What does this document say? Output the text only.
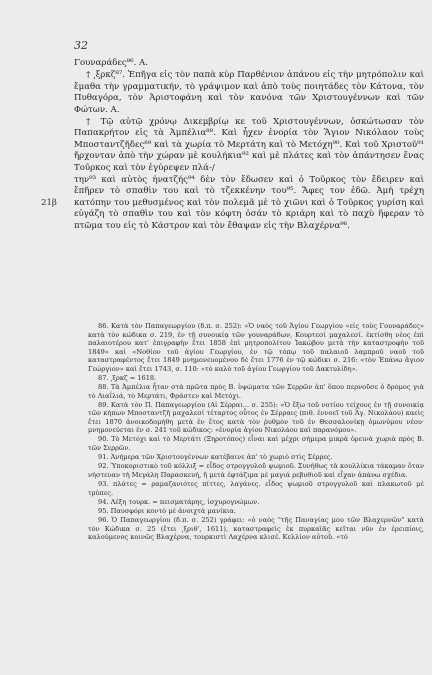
32

Γουναράδες⁸⁶. Α.

† ͵ξρκζ⁸⁷. Ἐπῆγα εἰς τὸν παπὰ κὺρ Παρθένιον ἀπάνου εἰς τὴν μητρόπολιν καὶ ἔμαθα τὴν γραμματικήν, τὸ γράψιμον καὶ ἀπὸ τοὺς ποιητάδες τὸν Κάτονα, τὸν Πυθαγόρα, τὸν Ἀριστοφάνη καὶ τὸν κανόνα τῶν Χριστουγέννων καὶ τῶν Φώτων. Α.

† Τῷ αὐτῷ χρόνῳ Δικεμβρίῳ κε τοῦ Χριστουγέννων, ὀσκώτωσαν τὸν Παπακρήτον εἰς τὰ Ἀμπέλια⁸⁸. Καὶ ἦχεν ἐνορία τὸν Ἅγιον Νικόλαον τοὺς Μποσταντζῆδες⁸⁹ καὶ τὰ χωρία τὸ Μερτάτη καὶ τὸ Μετόχη⁹⁰. Καὶ τοῦ Χριστοῦ⁹¹ ἤρχονταν ἀπὸ τὴν χώραν μὲ κουλήκια⁹² καὶ μὲ πλάτες καὶ τὸν ἀπάντησεν ἕνας Τοῦρκος καὶ τὸν ἐγύρεψεν πλά-/

την⁹³ καὶ αὐτὸς ἠνατζής⁹⁴ δὲν τὸν ἔδωσεν καὶ ὁ Τοῦρκος τὸν ἔδειρεν καὶ ἔπῆρεν τὸ σπαθὶν του καὶ τὸ τζεκκένην του⁹⁵. Ἄφες τον ἐδῶ. Ἀμὴ τρέχη κατόπην του μεθυσμένος καὶ τὸν πολεμᾶ μὲ τὸ χιῶνι καὶ ὁ Τοῦρκος γυρίση καὶ εὐγάζη τὸ σπαθὶν του καὶ τὸν κόφτη ὀσάν τὸ κριάρη καὶ τὸ παχὺ ἥφεραν τὸ πτῶμα του εἰς τὸ Κάστρον καὶ τὸν ἔθαψαν εἰς τὴν Βλαχέρνα⁹⁶.

21β

86. Κατὰ τὸν Παπαγεωργίου (δ.π. σ. 252): «Ὁ ναὸς τοῦ Ἁγίου Γεωργίου «εἰς τοὺς Γουναράδες» κατὰ τὸν κώδικα σ. 219, ἐν τῇ συνοικίᾳ τῶν γουναράδων, Κουρτεσί μαχαλεσί. ἐκτίσθη νέος ἐπὶ παλαιοτέρου κατ' ἐπιγραφὴν ἔτει 1858 ἐπὶ μητροπολίτου Ἰακώβου μετὰ τὴν καταστροφὴν τοῦ 1849» καὶ «Νοθίον τοῦ ἁγίου Γεωργίου, ἐν τῷ τόπῳ τοῦ παλαιοῦ λαμπροῦ ναοῦ τοῦ καταστραφέντος ἔτει 1849 μνημονευομένου δὲ ἔτει 1776 ἐν τῷ κώδικι σ. 216: «τὸν Ἐπάνω ἅγιον Γεώργιον» καὶ ἔτει 1743, σ. 110: «τὸ καλὸ τοῦ ἁγίου Γεωργίου τοῦ Δακτυλίδη».

87. ͵ξρκζ = 1618.

88. Τὰ Ἀμπέλια ἦταν στὰ πρῶτα πρὸς Β. ὑψώματα τῶν Σερρῶν ἀπ' ὅπου περνοῦσε ὁ δρόμος γιὰ τὸ Λιαΐλιά, τὸ Μερτάτι, Φράστεν καὶ Μετόχι.

89. Κατὰ τὸν Π. Παπαγεωργίου (Αἱ Σέρραι... σ. 255): «Ὁ ἔξω τοῦ νοτίου τείχους ἐν τῇ συνοικίᾳ τῶν κήπων Μποσταντζῆ μαχαλεσί τέταρτος οὗτος ἐν Σέρραις (πιθ. ἐννοεῖ τοῦ Ἁγ. Νικολάου) καεὶς ἔτει 1870 ἀνοικοδομήθη μετὰ ἐν ἔτος κατὰ τὸν ῥυθμὸν τοῦ ἐν Θεσσαλονίκῃ ὁμωνύμου νέου· μνημονεύεται ἐν σ. 241 τοῦ κώδικος: «ἐνορία ἁγίου Νικολάου καὶ παρανόμου».

90. Τὸ Μετόχι καὶ τὸ Μερτάτι (Ξηροτόπος) εἶναι καὶ μέχρι σήμερα μικρὰ ὀρεινὰ χωριὰ πρὸς Β. τῶν Σερρῶν.

91. Ἀνήμερα τῶν Χριστουγέννων κατέβαινε ἀπ' τὸ χωριὸ στὶς Σέρρες.

92. Ὑποκοριστικὸ τοῦ κόλλιξ = εἶδος στρογγυλοῦ ψωμιοῦ. Συνήθως τὰ κουλλίκια τάκαμαν ὅταν νήστευαν τὴ Μεγάλη Παρασκευή, ἤ μετὰ ἐφτάζιμα μὲ μαγιά ρεβυθιοῦ καὶ εἶχαν ἀπάνω σχέδια.

93. πλάτες = ραμαζανιότες πίττες, λαγάνες. εἶδος ψωμιοῦ στρογγυλοῦ καὶ πλακωτοῦ μὲ τρύπες.

94. Λέξη τουρκ. = πεισματάρης, ἰσχυρογνώμων.

95. Παυσφόρι κοντὸ μὲ ἀνοιχτὰ μανίκια.

96. Ὁ Παπαγεωργίου (δ.π. σ. 252) γράφει: «ὁ ναὸς "τῆς Παναγίας μου τῶν Βλαχερνῶν" κατὰ τὸν Κώδικα σ. 25 (ἔτει ͵ξριθ', 1611), καταστραφεὶς ἐκ πυρκαϊᾶς κεῖται νῦν ἐν ἐρειπίοις, καλούμενος κοινῶς Βλαχέρνα, τουρκιστὶ Λαχέρνα κλισέ. Κελλίον αὐτοῦ. «τὸ
